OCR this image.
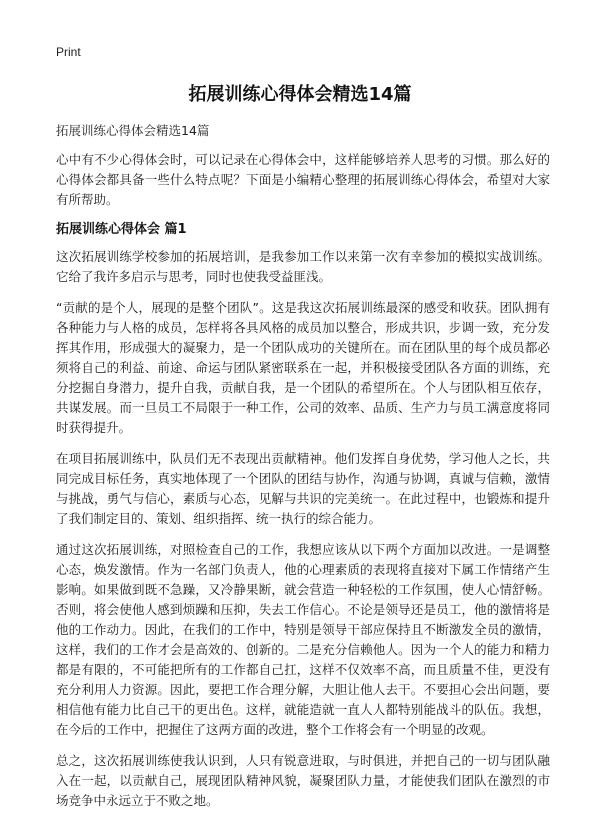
Print
拓展训练心得体会精选14篇
拓展训练心得体会精选14篇

心中有不少心得体会时，可以记录在心得体会中，这样能够培养人思考的习惯。那么好的心得体会都具备一些什么特点呢？下面是小编精心整理的拓展训练心得体会，希望对大家有所帮助。

拓展训练心得体会 篇1

这次拓展训练学校参加的拓展培训，是我参加工作以来第一次有幸参加的模拟实战训练。它给了我许多启示与思考，同时也使我受益匪浅。

“贡献的是个人，展现的是整个团队”。这是我这次拓展训练最深的感受和收获。团队拥有各种能力与人格的成员，怎样将各具风格的成员加以整合，形成共识，步调一致，充分发挥其作用，形成强大的凝聚力，是一个团队成功的关键所在。而在团队里的每个成员都必须将自己的利益、前途、命运与团队紧密联系在一起，并积极接受团队各方面的训练，充分挖掘自身潜力，提升自我，贡献自我，是一个团队的希望所在。个人与团队相互依存，共谋发展。而一旦员工不局限于一种工作，公司的效率、品质、生产力与员工满意度将同时获得提升。

在项目拓展训练中，队员们无不表现出贡献精神。他们发挥自身优势，学习他人之长，共同完成目标任务，真实地体现了一个团队的团结与协作，沟通与协调，真诚与信赖，激情与挑战，勇气与信心，素质与心态，见解与共识的完美统一。在此过程中，也锻炼和提升了我们制定目的、策划、组织指挥、统一执行的综合能力。

通过这次拓展训练，对照检查自己的工作，我想应该从以下两个方面加以改进。一是调整心态，焕发激情。作为一名部门负责人，他的心理素质的表现将直接对下属工作情绪产生影响。如果做到既不急躁，又冷静果断，就会营造一种轻松的工作氛围，使人心情舒畅。否则，将会使他人感到烦躁和压抑，失去工作信心。不论是领导还是员工，他的激情将是他的工作动力。因此，在我们的工作中，特别是领导干部应保持且不断激发全员的激情，这样，我们的工作才会是高效的、创新的。二是充分信赖他人。因为一个人的能力和精力都是有限的，不可能把所有的工作都自己扛，这样不仅效率不高，而且质量不佳，更没有充分利用人力资源。因此，要把工作合理分解，大胆让他人去干。不要担心会出问题，要相信他有能力比自己干的更出色。这样，就能造就一直人人都特别能战斗的队伍。我想，在今后的工作中，把握住了这两方面的改进，整个工作将会有一个明显的改观。

总之，这次拓展训练使我认识到，人只有锐意进取，与时俱进，并把自己的一切与团队融入在一起，以贡献自己，展现团队精神风貌，凝聚团队力量，才能使我们团队在激烈的市场竞争中永远立于不败之地。
